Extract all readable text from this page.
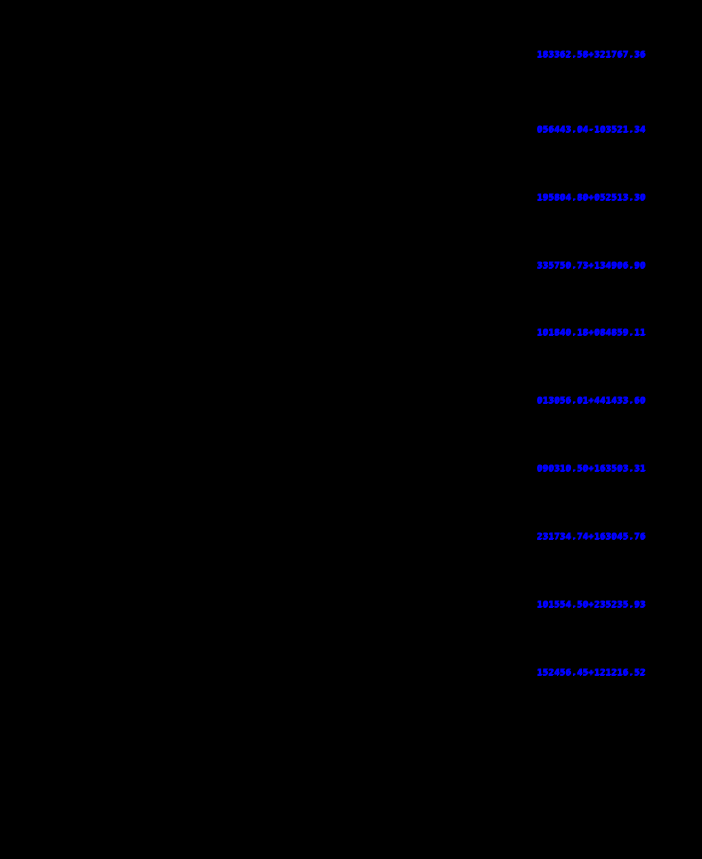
183362.58+321767.36
056443.04-103521.34
195804.80+052513.30
335750.73+134906.90
101840.18+084859.11
013056.01+441433.60
090310.50+163503.31
231734.74+163045.76
101554.50+235235.93
152456.45+121216.52
